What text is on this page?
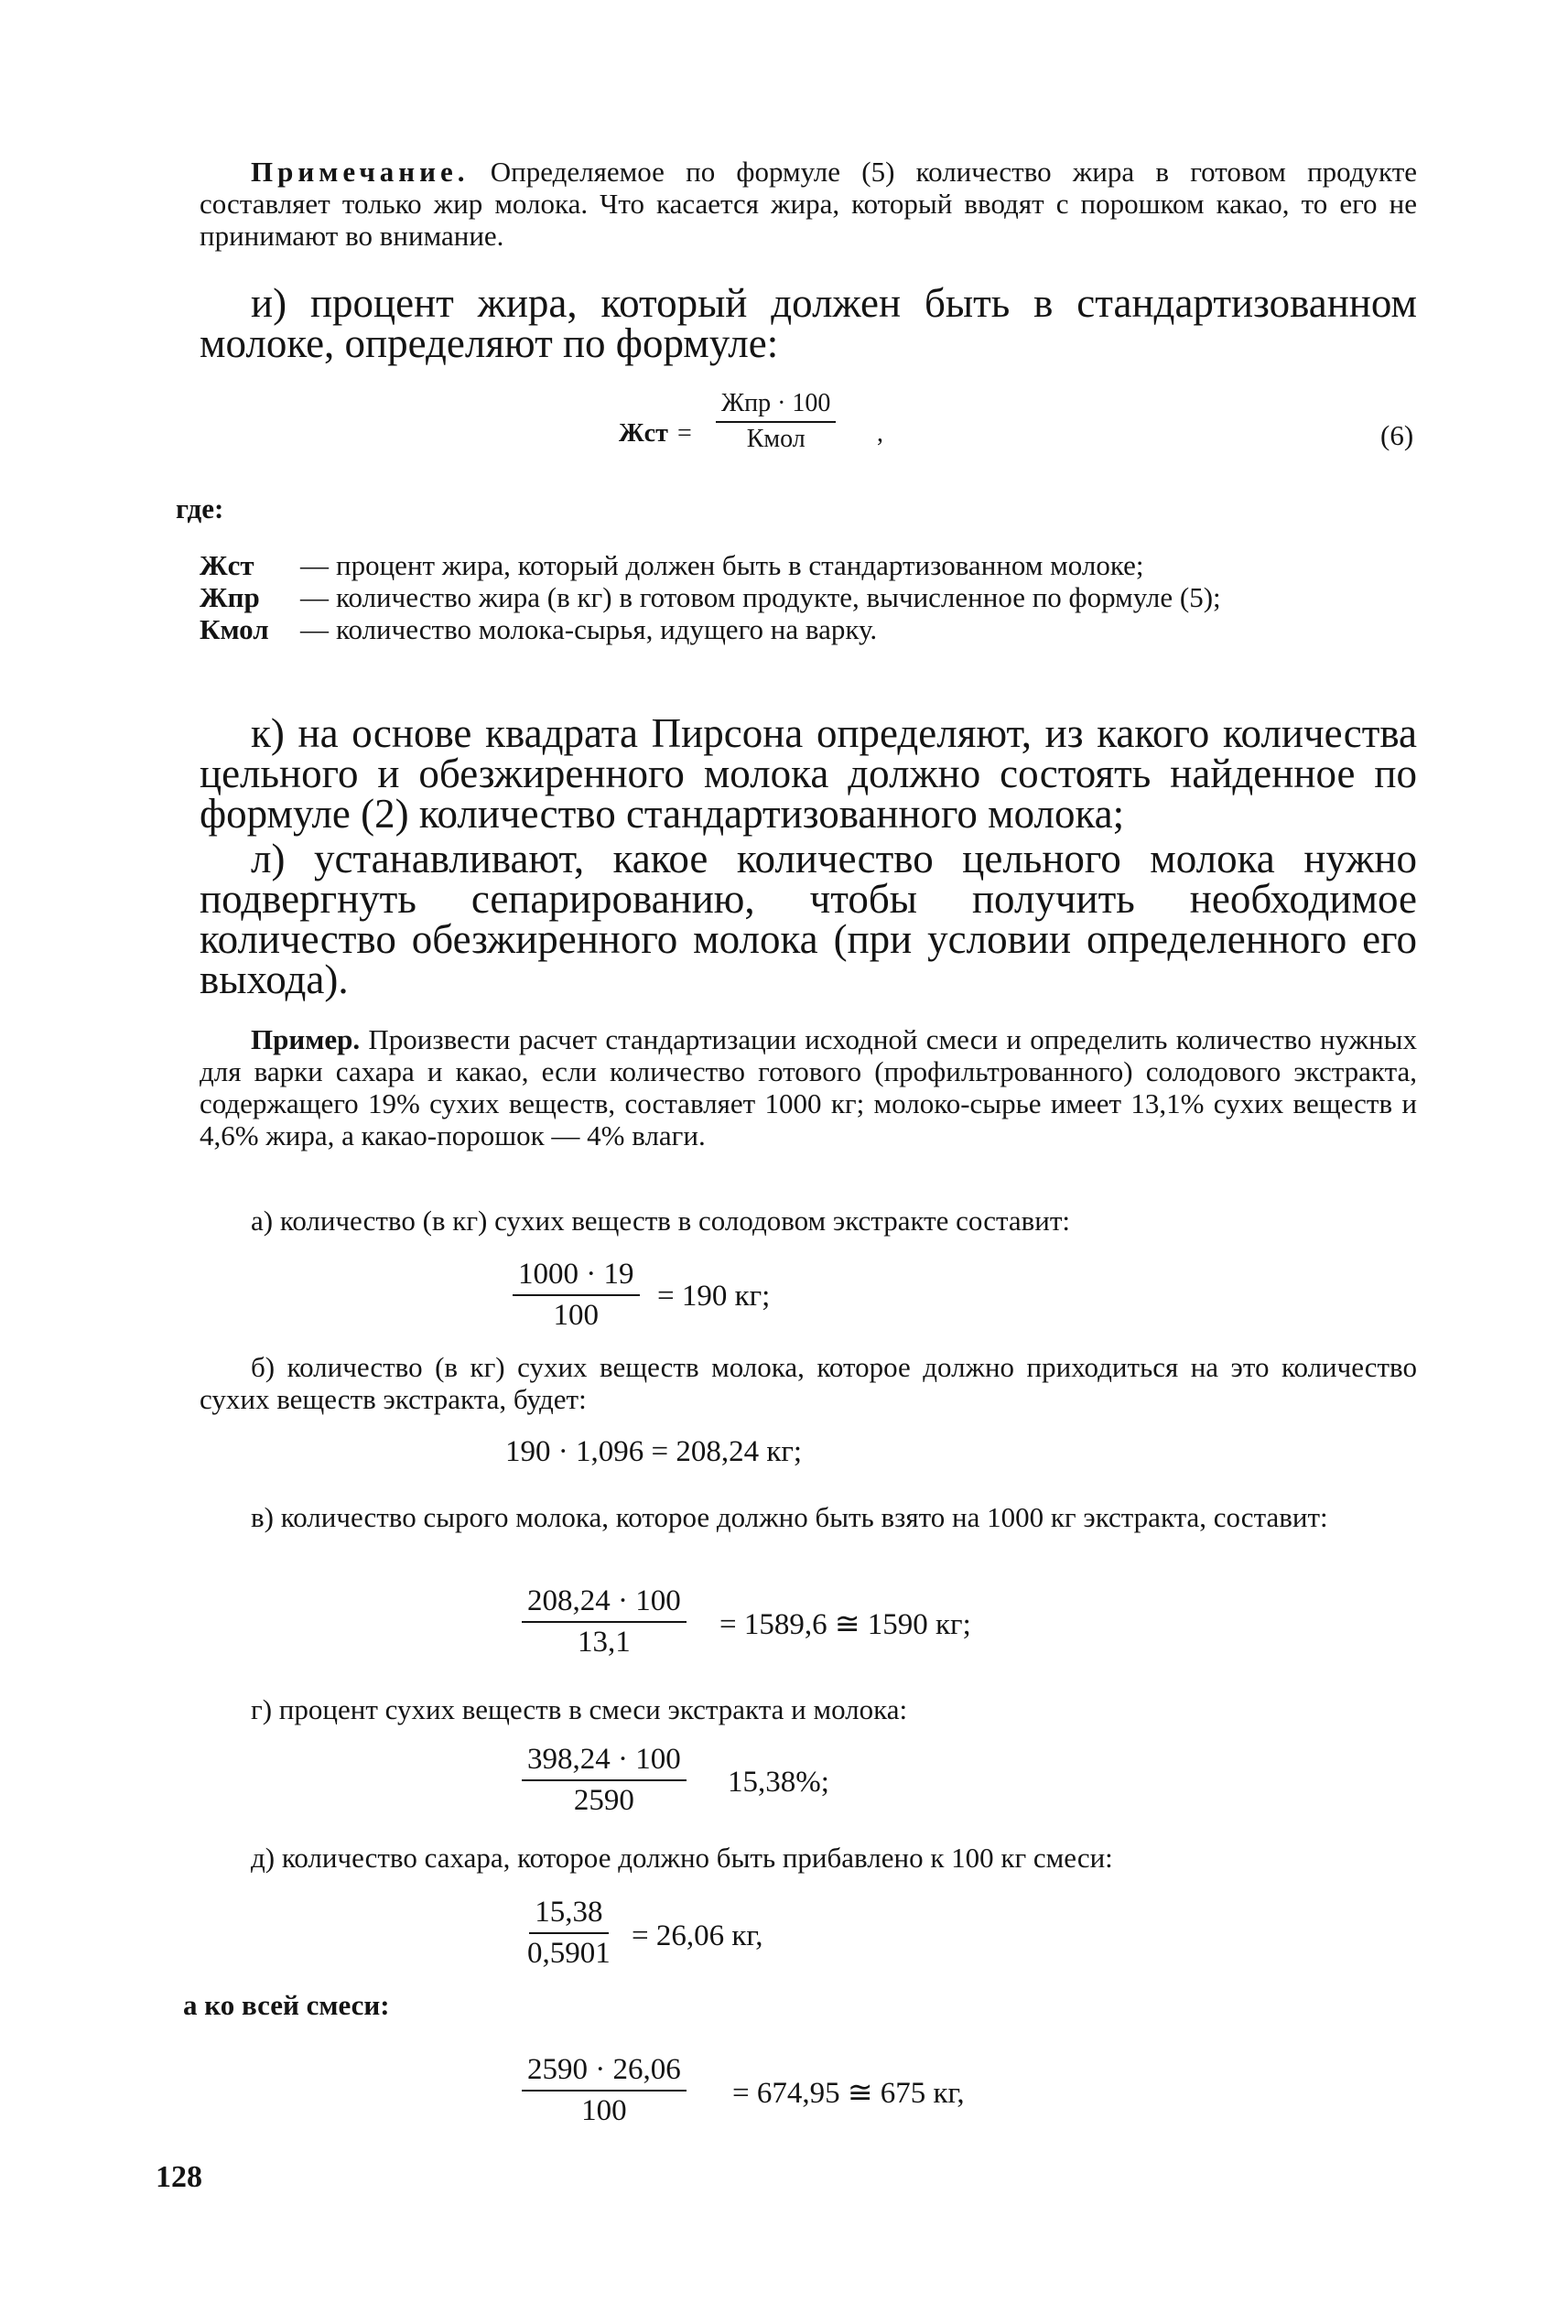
Примечание. Определяемое по формуле (5) количество жира в готовом продукте составляет только жир молока. Что касается жира, который вводят с порошком какао, то его не принимают во внимание.

и) процент жира, который должен быть в стандартизованном молоке, определяют по формуле:

Жст =
Жпр · 100
Кмол	,	(6)
где:
Жст	— процент жира, который должен быть в стандартизованном молоке;
Жпр	— количество жира (в кг) в готовом продукте, вычисленное по формуле (5);
Кмол	— количество молока-сырья, идущего на варку.

к) на основе квадрата Пирсона определяют, из какого количества цельного и обезжиренного молока должно состоять найденное по формуле (2) количество стандартизованного молока;

л) устанавливают, какое количество цельного молока нужно подвергнуть сепарированию, чтобы получить необходимое количество обезжиренного молока (при условии определенного его выхода).

Пример. Произвести расчет стандартизации исходной смеси и определить количество нужных для варки сахара и какао, если количество готового (профильтрованного) солодового экстракта, содержащего 19% сухих веществ, составляет 1000 кг; молоко-сырье имеет 13,1% сухих веществ и 4,6% жира, а какао-порошок — 4% влаги.

а) количество (в кг) сухих веществ в солодовом экстракте составит:

$\frac{1000 \cdot 19}{100} = 190$ кг;

б) количество (в кг) сухих веществ молока, которое должно приходиться на это количество сухих веществ экстракта, будет:

190 · 1,096 = 208,24 кг;

в) количество сырого молока, которое должно быть взято на 1000 кг экстракта, составит:

$\frac{208,24 \cdot 100}{13,1} = 1589,6$ ≅ 1590 кг;

г) процент сухих веществ в смеси экстракта и молока:

$\frac{398,24 \cdot 100}{2590} 15,38\%$;

д) количество сахара, которое должно быть прибавлено к 100 кг смеси:

$\frac{15,38}{0,5901} = 26,06$ кг,
а ко всей смеси:
$\frac{2590 \cdot 26,06}{100} = 674,95$ ≅ 675 кг,
128
